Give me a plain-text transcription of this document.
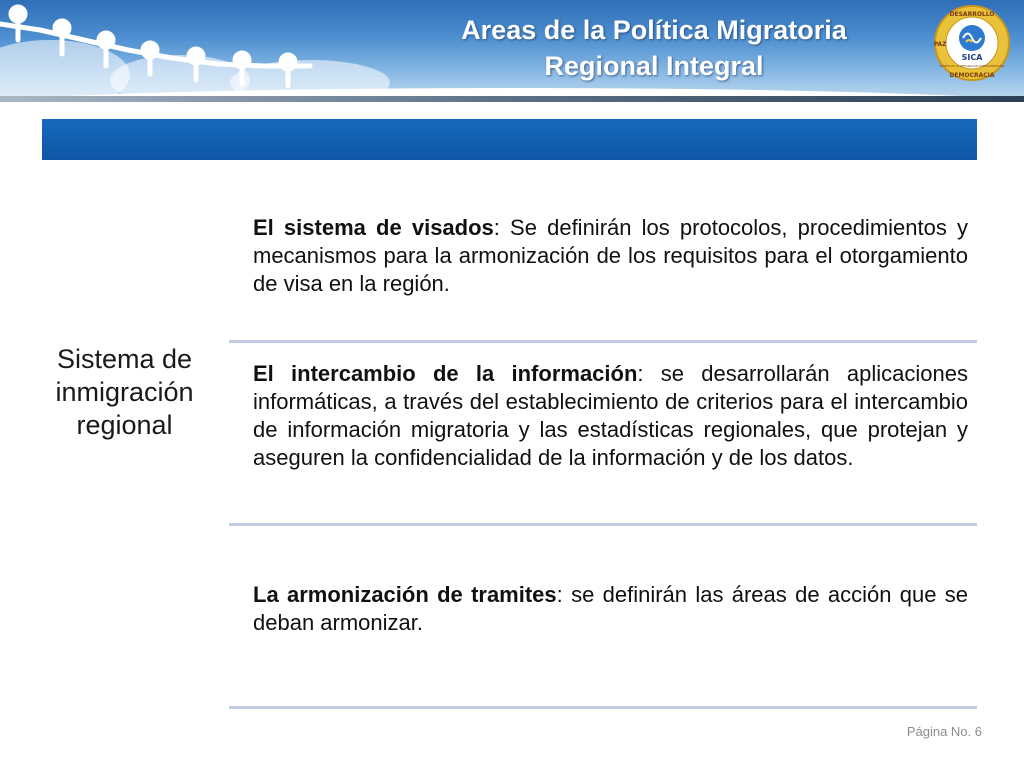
Areas de la Política Migratoria
Regional Integral
DESARROLLO
DEMOCRACIA
PAZ
SICA
SISTEMA DE LA INTEGRACIÓN CENTROAMERICANA
Sistema de inmigración regional
El sistema de visados: Se definirán los protocolos, procedimientos y mecanismos para la armonización de los requisitos para el otorgamiento de visa en la región.
El intercambio de la información: se desarrollarán aplicaciones informáticas, a través del establecimiento de criterios para el intercambio de información migratoria y las estadísticas regionales, que protejan y aseguren la confidencialidad de la información y de los datos.
La armonización de tramites: se definirán las áreas de acción que se deban armonizar.
Página No. 6
